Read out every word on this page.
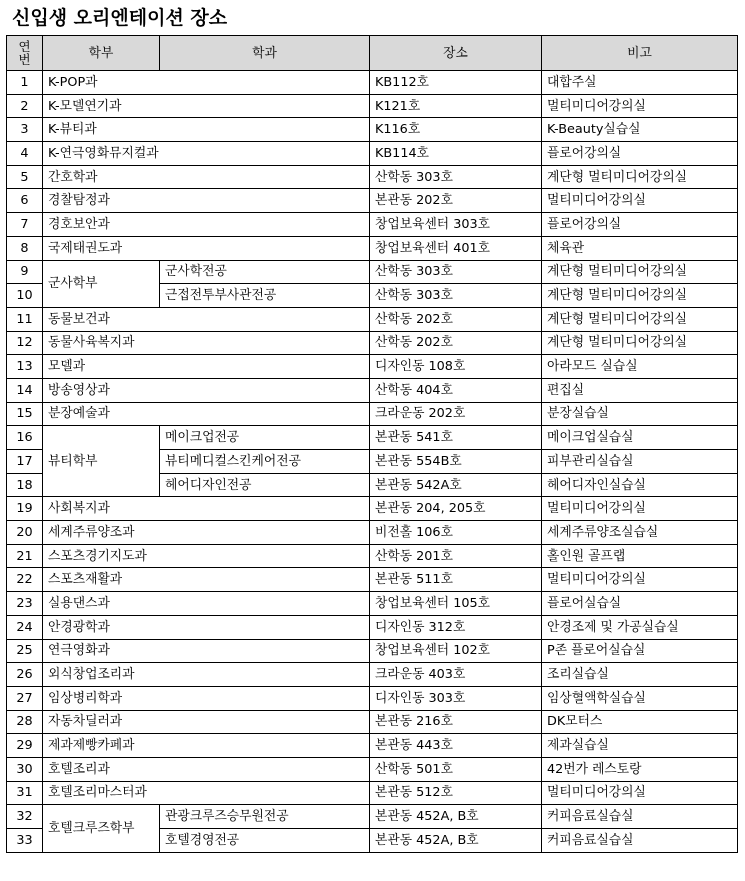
신입생 오리엔테이션 장소
연
번	학부	학과	장소	비고
1	K-POP과		KB112호	대합주실
2	K-모델연기과		K121호	멀티미디어강의실
3	K-뷰티과		K116호	K-Beauty실습실
4	K-연극영화뮤지컬과		KB114호	플로어강의실
5	간호학과		산학동 303호	계단형 멀티미디어강의실
6	경찰탐정과		본관동 202호	멀티미디어강의실
7	경호보안과		창업보육센터 303호	플로어강의실
8	국제태권도과		창업보육센터 401호	체육관
9	군사학부	군사학전공	산학동 303호	계단형 멀티미디어강의실
10		근접전투부사관전공	산학동 303호	계단형 멀티미디어강의실
11	동물보건과		산학동 202호	계단형 멀티미디어강의실
12	동물사육복지과		산학동 202호	계단형 멀티미디어강의실
13	모델과		디자인동 108호	아라모드 실습실
14	방송영상과		산학동 404호	편집실
15	분장예술과		크라운동 202호	분장실습실
16	뷰티학부	메이크업전공	본관동 541호	메이크업실습실
17		뷰티메디컬스킨케어전공	본관동 554B호	피부관리실습실
18		헤어디자인전공	본관동 542A호	헤어디자인실습실
19	사회복지과		본관동 204, 205호	멀티미디어강의실
20	세계주류양조과		비전홀 106호	세계주류양조실습실
21	스포츠경기지도과		산학동 201호	홀인원 골프랩
22	스포츠재활과		본관동 511호	멀티미디어강의실
23	실용댄스과		창업보육센터 105호	플로어실습실
24	안경광학과		디자인동 312호	안경조제 및 가공실습실
25	연극영화과		창업보육센터 102호	P존 플로어실습실
26	외식창업조리과		크라운동 403호	조리실습실
27	임상병리학과		디자인동 303호	임상혈액학실습실
28	자동차딜러과		본관동 216호	DK모터스
29	제과제빵카페과		본관동 443호	제과실습실
30	호텔조리과		산학동 501호	42번가 레스토랑
31	호텔조리마스터과		본관동 512호	멀티미디어강의실
32	호텔크루즈학부	관광크루즈승무원전공	본관동 452A, B호	커피음료실습실
33		호텔경영전공	본관동 452A, B호	커피음료실습실
